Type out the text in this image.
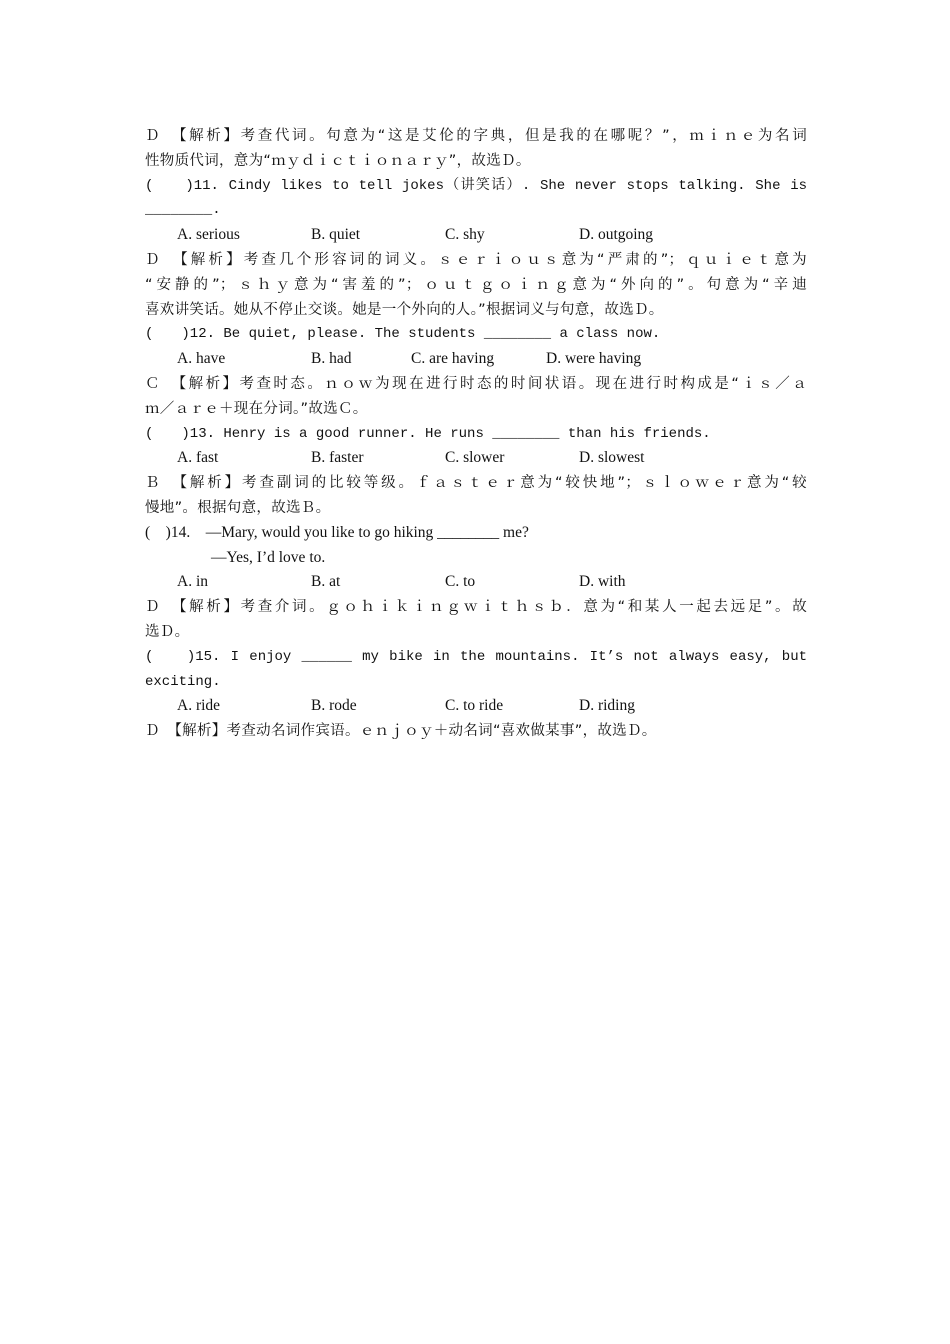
Ｄ　【解析】考查代词。句意为“这是艾伦的字典，但是我的在哪呢？”，ｍｉｎｅ为名词
性物质代词，意为“ｍｙｄｉｃｔｉｏｎａｒｙ”，故选Ｄ。
(　　)11. Cindy likes to tell jokes（讲笑话）. She never stops talking. She is
________.
A. serious	B. quiet	C. shy	D. outgoing
Ｄ　【解析】考查几个形容词的词义。ｓｅｒｉｏｕｓ意为“严肃的”；ｑｕｉｅｔ意为
“安静的”；ｓｈｙ意为“害羞的”；ｏｕｔｇｏｉｎｇ意为“外向的”。句意为“辛迪
喜欢讲笑话。她从不停止交谈。她是一个外向的人。”根据词义与句意，故选Ｄ。
(　　)12. Be quiet, please. The students ________ a class now.
A. have	B. had	C. are having	D. were having
Ｃ　【解析】考查时态。ｎｏｗ为现在进行时态的时间状语。现在进行时构成是“ｉｓ／ａ
ｍ／ａｒｅ＋现在分词。”故选Ｃ。
(　　)13. Henry is a good runner. He runs ________ than his friends.
A. fast	B. faster	C. slower	D. slowest
Ｂ　【解析】考查副词的比较等级。ｆａｓｔｅｒ意为“较快地”；ｓｌｏｗｅｒ意为“较
慢地”。根据句意，故选Ｂ。
(　)14.　—Mary, would you like to go hiking ________ me?
—Yes, I’d love to.
A. in	B. at	C. to	D. with
Ｄ　【解析】考查介词。ｇｏｈｉｋｉｎｇｗｉｔｈｓｂ．意为“和某人一起去远足”。故
选Ｄ。
(　　)15. I enjoy ______ my bike in the mountains. It’s not always easy, but
exciting.
A. ride	B. rode	C. to ride	D. riding
Ｄ　【解析】考查动名词作宾语。ｅｎｊｏｙ＋动名词“喜欢做某事”，故选Ｄ。
